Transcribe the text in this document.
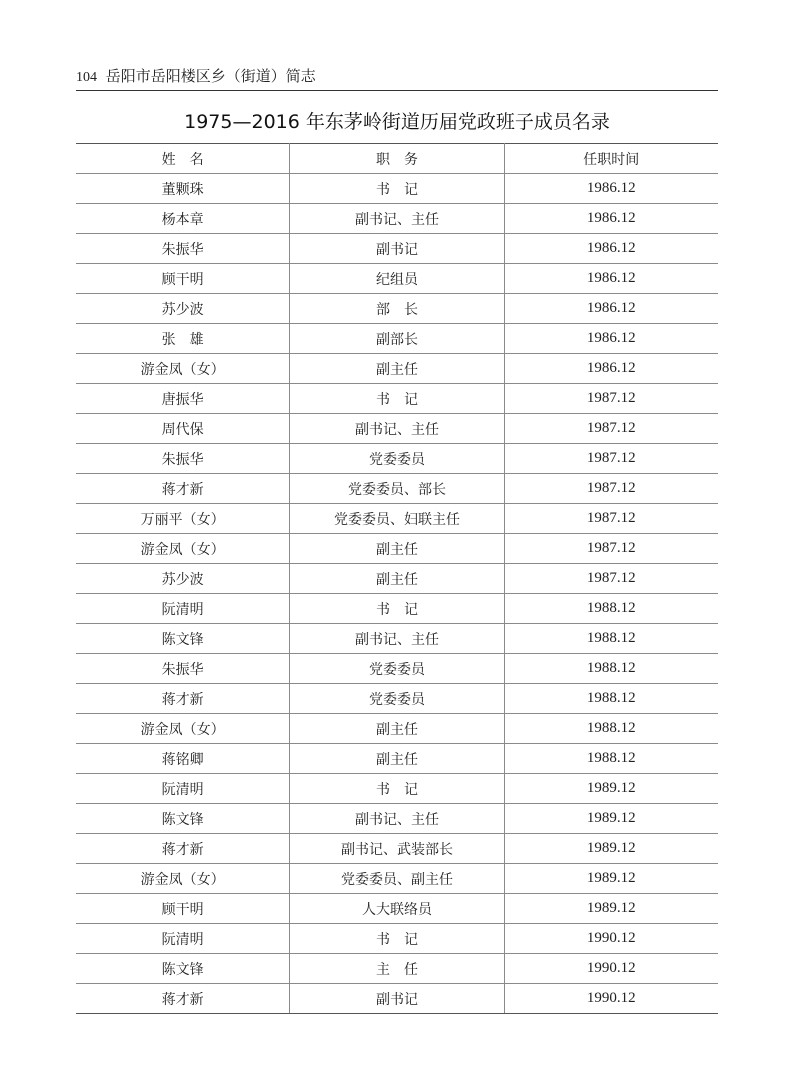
104 岳阳市岳阳楼区乡（街道）简志
1975—2016 年东茅岭街道历届党政班子成员名录
姓　名	职　务	任职时间
董颗珠	书　记	1986.12
杨本章	副书记、主任	1986.12
朱振华	副书记	1986.12
顾干明	纪组员	1986.12
苏少波	部　长	1986.12
张　雄	副部长	1986.12
游金凤（女）	副主任	1986.12
唐振华	书　记	1987.12
周代保	副书记、主任	1987.12
朱振华	党委委员	1987.12
蒋才新	党委委员、部长	1987.12
万丽平（女）	党委委员、妇联主任	1987.12
游金凤（女）	副主任	1987.12
苏少波	副主任	1987.12
阮清明	书　记	1988.12
陈文锋	副书记、主任	1988.12
朱振华	党委委员	1988.12
蒋才新	党委委员	1988.12
游金凤（女）	副主任	1988.12
蒋铭卿	副主任	1988.12
阮清明	书　记	1989.12
陈文锋	副书记、主任	1989.12
蒋才新	副书记、武装部长	1989.12
游金凤（女）	党委委员、副主任	1989.12
顾干明	人大联络员	1989.12
阮清明	书　记	1990.12
陈文锋	主　任	1990.12
蒋才新	副书记	1990.12
